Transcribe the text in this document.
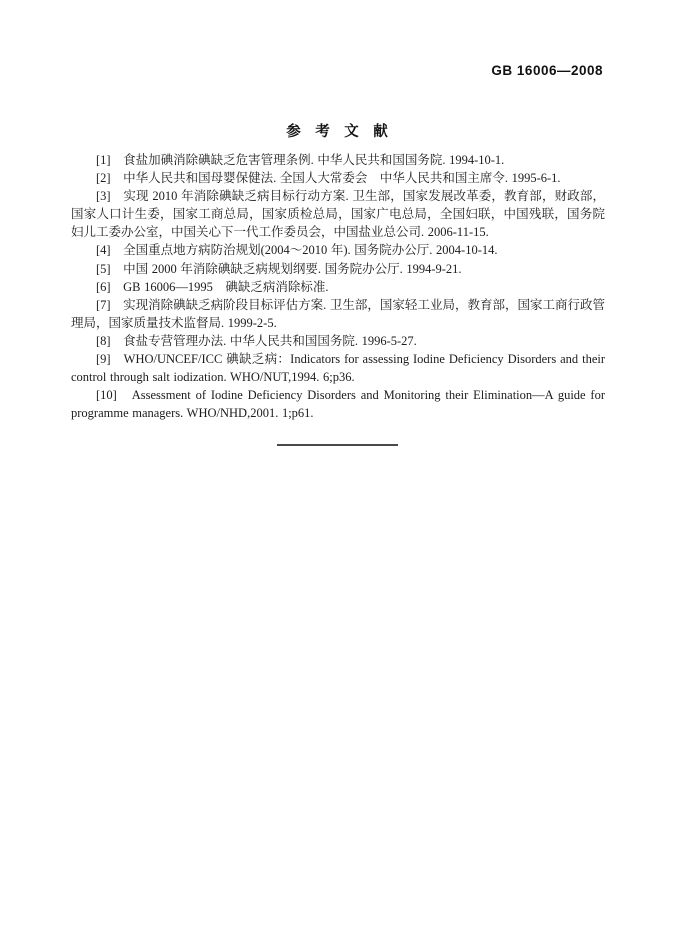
GB 16006—2008
参　考　文　献

[1]　食盐加碘消除碘缺乏危害管理条例. 中华人民共和国国务院. 1994-10-1.

[2]　中华人民共和国母婴保健法. 全国人大常委会　中华人民共和国主席令. 1995-6-1.

[3]　实现 2010 年消除碘缺乏病目标行动方案. 卫生部，国家发展改革委，教育部，财政部，国家人口计生委，国家工商总局，国家质检总局，国家广电总局，全国妇联，中国残联，国务院妇儿工委办公室，中国关心下一代工作委员会，中国盐业总公司. 2006-11-15.

[4]　全国重点地方病防治规划(2004～2010 年). 国务院办公厅. 2004-10-14.

[5]　中国 2000 年消除碘缺乏病规划纲要. 国务院办公厅. 1994-9-21.

[6]　GB 16006—1995　碘缺乏病消除标准.

[7]　实现消除碘缺乏病阶段目标评估方案. 卫生部，国家轻工业局，教育部，国家工商行政管理局，国家质量技术监督局. 1999-2-5.

[8]　食盐专营管理办法. 中华人民共和国国务院. 1996-5-27.

[9]　WHO/UNCEF/ICC 碘缺乏病：Indicators for assessing Iodine Deficiency Disorders and their control through salt iodization. WHO/NUT,1994. 6;p36.

[10]　Assessment of Iodine Deficiency Disorders and Monitoring their Elimination—A guide for programme managers. WHO/NHD,2001. 1;p61.
